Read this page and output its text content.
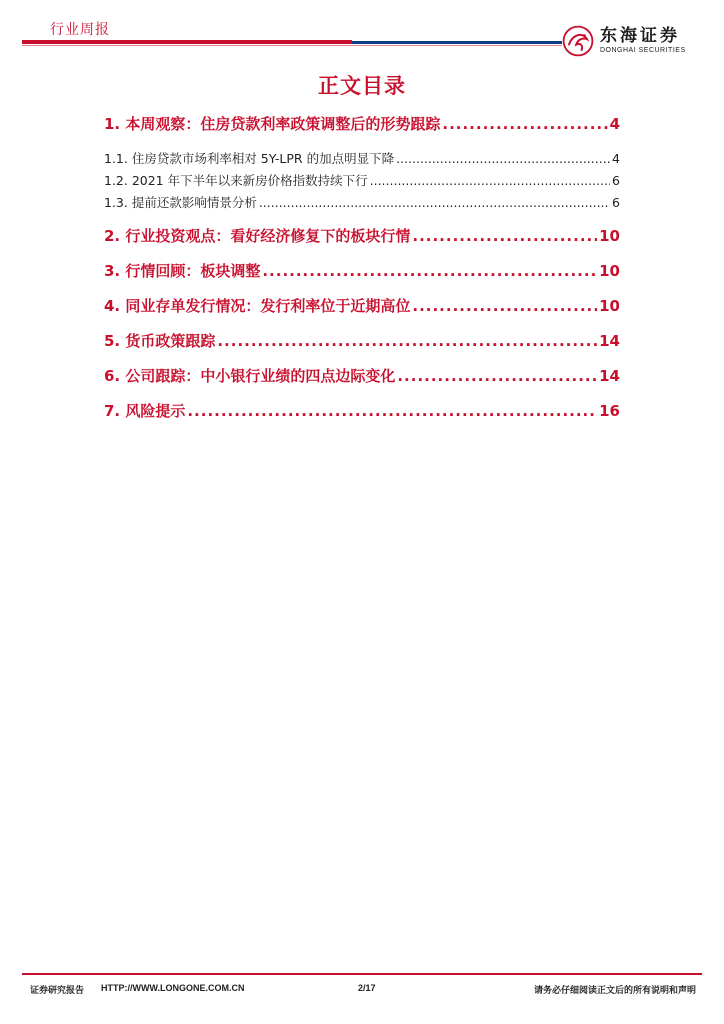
行业周报	东海证券
DONGHAI SECURITIES
正文目录
1. 本周观察：住房贷款利率政策调整后的形势跟踪 .....	4
1.1. 住房贷款市场利率相对 5Y-LPR 的加点明显下降 .....	4
1.2. 2021 年下半年以来新房价格指数持续下行 .....	6
1.3. 提前还款影响情景分析 .....	6
2. 行业投资观点：看好经济修复下的板块行情 .....	10
3. 行情回顾：板块调整 .....	10
4. 同业存单发行情况：发行利率位于近期高位 .....	10
5. 货币政策跟踪 .....	14
6. 公司跟踪：中小银行业绩的四点边际变化 .....	14
7. 风险提示 .....	16
证券研究报告 HTTP://WWW.LONGONE.COM.CN	2/17	请务必仔细阅读正文后的所有说明和声明
